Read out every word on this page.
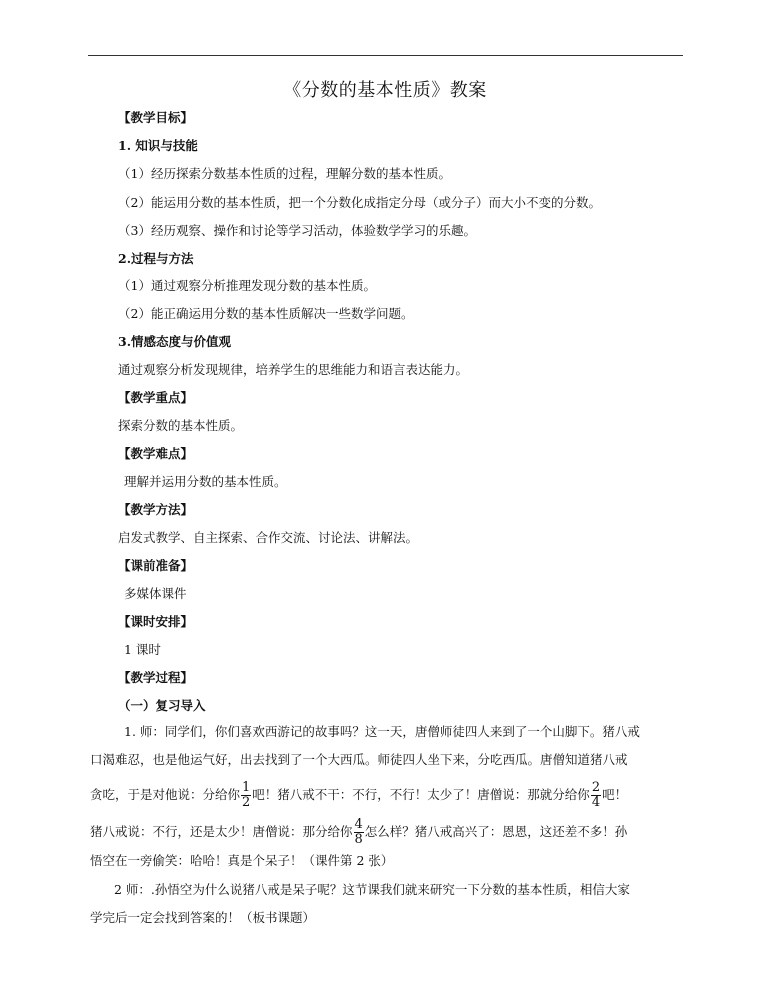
《分数的基本性质》教案
【教学目标】
1. 知识与技能
（1）经历探索分数基本性质的过程，理解分数的基本性质。
（2）能运用分数的基本性质，把一个分数化成指定分母（或分子）而大小不变的分数。
（3）经历观察、操作和讨论等学习活动，体验数学学习的乐趣。
2.过程与方法
（1）通过观察分析推理发现分数的基本性质。
（2）能正确运用分数的基本性质解决一些数学问题。
3.情感态度与价值观
通过观察分析发现规律，培养学生的思维能力和语言表达能力。
【教学重点】
探索分数的基本性质。
【教学难点】
理解并运用分数的基本性质。
【教学方法】
启发式教学、自主探索、合作交流、讨论法、讲解法。
【课前准备】
多媒体课件
【课时安排】
1 课时
【教学过程】
（一）复习导入
1. 师：同学们，你们喜欢西游记的故事吗？这一天，唐僧师徒四人来到了一个山脚下。猪八戒
口渴难忍，也是他运气好，出去找到了一个大西瓜。师徒四人坐下来，分吃西瓜。唐僧知道猪八戒
贪吃，于是对他说：分给你 $\frac{1}{2}$ 吧！猪八戒不干：不行，不行！太少了！唐僧说：那就分给你 $\frac{2}{4}$ 吧！
猪八戒说：不行，还是太少！唐僧说：那分给你 $\frac{4}{8}$ 怎么样？猪八戒高兴了：恩恩，这还差不多！孙
悟空在一旁偷笑：哈哈！真是个呆子！（课件第 2 张）
2 师：.孙悟空为什么说猪八戒是呆子呢？这节课我们就来研究一下分数的基本性质，相信大家
学完后一定会找到答案的！（板书课题）
